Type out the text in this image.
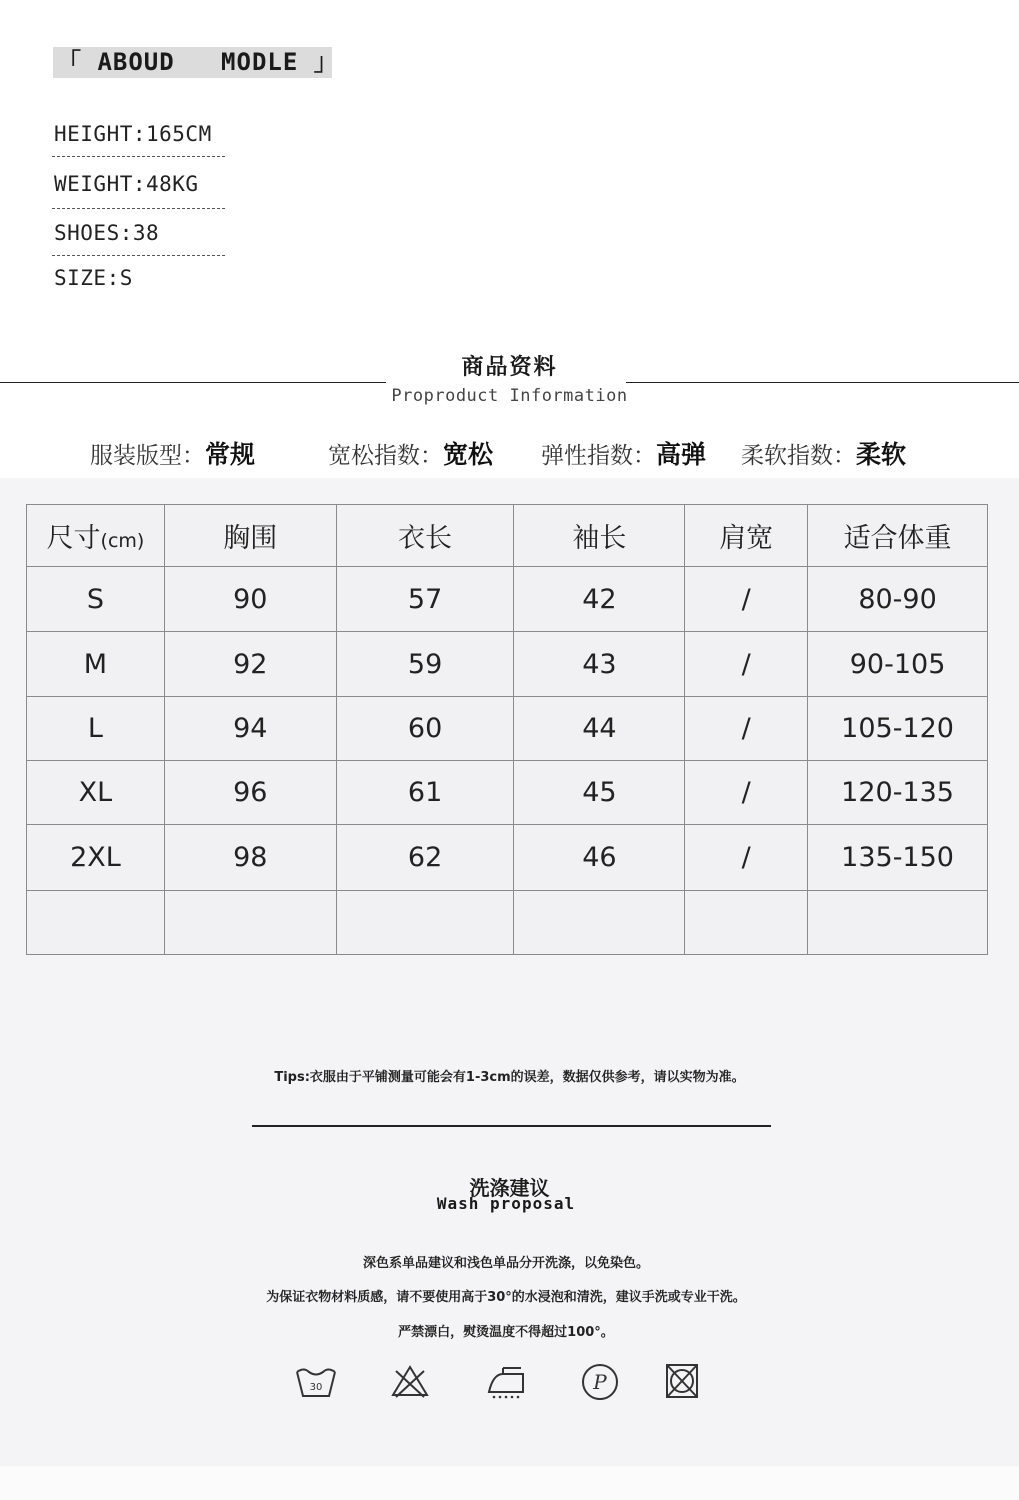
「 ABOUD   MODLE 」
HEIGHT:165CM
WEIGHT:48KG
SHOES:38
SIZE:S
商品资料
Proproduct Information
服装版型：常规	宽松指数：宽松 弹性指数：高弹 柔软指数：柔软
尺寸(cm)	胸围	衣长	袖长	肩宽	适合体重
S	90	57	42	/	80-90
M	92	59	43	/	90-105
L	94	60	44	/	105-120
XL	96	61	45	/	120-135
2XL	98	62	46	/	135-150

Tips:衣服由于平铺测量可能会有1-3cm的误差，数据仅供参考，请以实物为准。
洗涤建议
Wash proposal
深色系单品建议和浅色单品分开洗涤，以免染色。
为保证衣物材料质感，请不要使用高于30°的水浸泡和清洗，建议手洗或专业干洗。
严禁漂白，熨烫温度不得超过100°。
30	P
